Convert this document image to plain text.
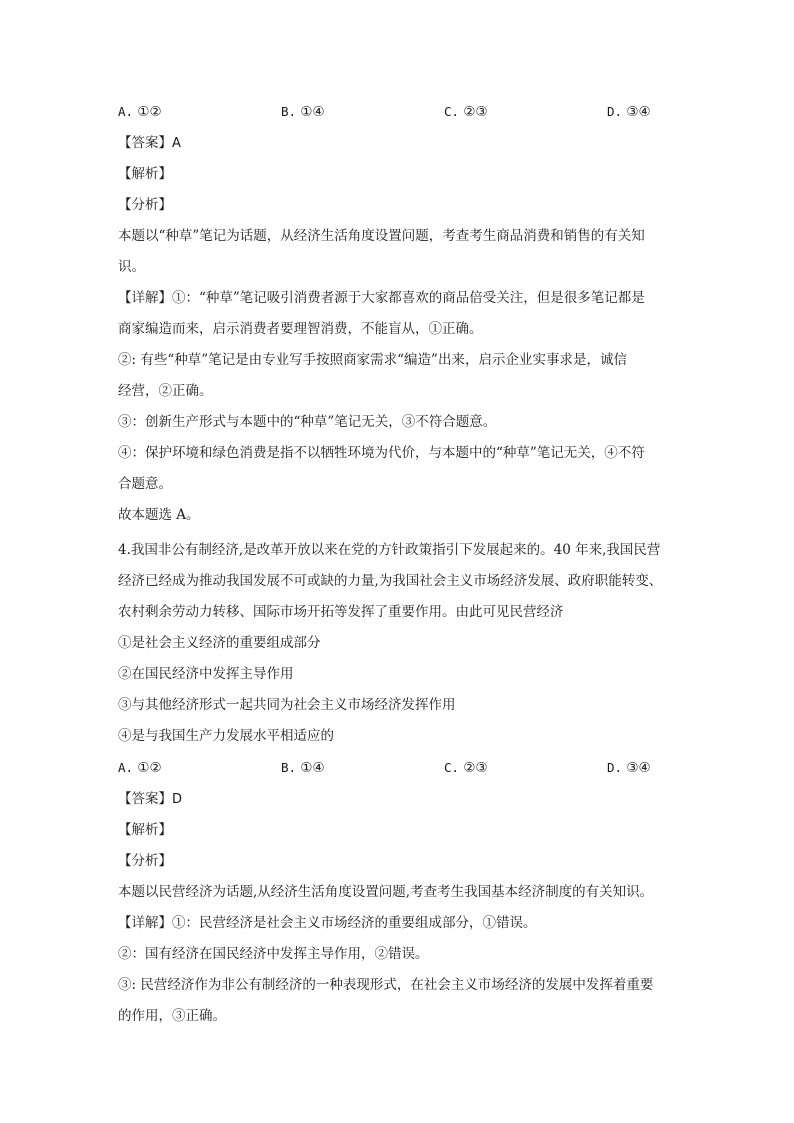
A. ①②	B. ①④	C. ②③	D. ③④
【答案】A
【解析】
【分析】
本题以“种草”笔记为话题，从经济生活角度设置问题，考查考生商品消费和销售的有关知
识。
【详解】①：“种草”笔记吸引消费者源于大家都喜欢的商品倍受关注，但是很多笔记都是
商家编造而来，启示消费者要理智消费，不能盲从，①正确。
②: 有些“种草”笔记是由专业写手按照商家需求“编造”出来，启示企业实事求是，诚信
经营，②正确。
③：创新生产形式与本题中的“种草”笔记无关，③不符合题意。
④：保护环境和绿色消费是指不以牺牲环境为代价，与本题中的“种草”笔记无关，④不符
合题意。
故本题选 A。
4.我国非公有制经济,是改革开放以来在党的方针政策指引下发展起来的。40 年来,我国民营
经济已经成为推动我国发展不可或缺的力量,为我国社会主义市场经济发展、政府职能转变、
农村剩余劳动力转移、国际市场开拓等发挥了重要作用。由此可见民营经济
①是社会主义经济的重要组成部分
②在国民经济中发挥主导作用
③与其他经济形式一起共同为社会主义市场经济发挥作用
④是与我国生产力发展水平相适应的
A. ①②	B. ①④	C. ②③	D. ③④
【答案】D
【解析】
【分析】
本题以民营经济为话题,从经济生活角度设置问题,考查考生我国基本经济制度的有关知识。
【详解】①：民营经济是社会主义市场经济的重要组成部分，①错误。
②：国有经济在国民经济中发挥主导作用，②错误。
③: 民营经济作为非公有制经济的一种表现形式，在社会主义市场经济的发展中发挥着重要
的作用，③正确。
